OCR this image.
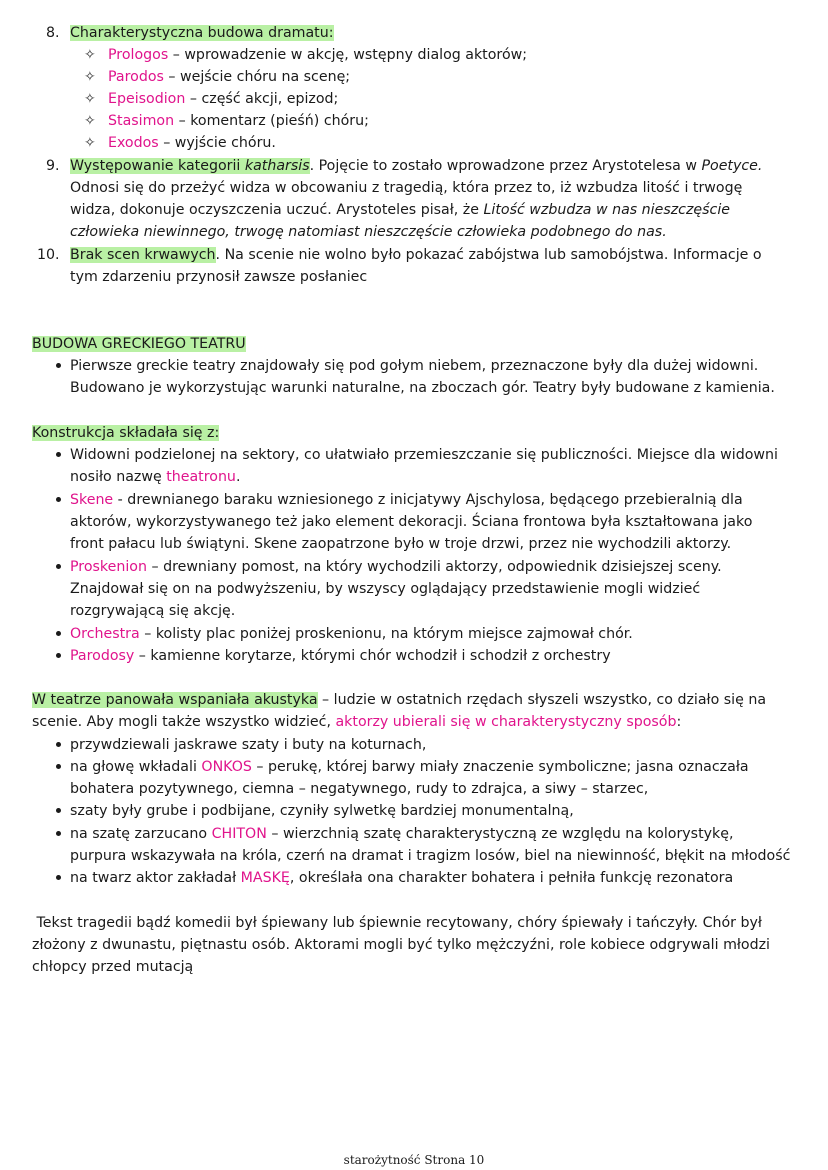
8. Charakterystyczna budowa dramatu:
✧ Prologos – wprowadzenie w akcję, wstępny dialog aktorów;
✧ Parodos – wejście chóru na scenę;
✧ Epeisodion – część akcji, epizod;
✧ Stasimon – komentarz (pieśń) chóru;
✧ Exodos – wyjście chóru.
9. Występowanie kategorii katharsis. Pojęcie to zostało wprowadzone przez Arystotelesa w Poetyce.
Odnosi się do przeżyć widza w obcowaniu z tragedią, która przez to, iż wzbudza litość i trwogę
widza, dokonuje oczyszczenia uczuć. Arystoteles pisał, że Litość wzbudza w nas nieszczęście
człowieka niewinnego, trwogę natomiast nieszczęście człowieka podobnego do nas.
10. Brak scen krwawych. Na scenie nie wolno było pokazać zabójstwa lub samobójstwa. Informacje o
tym zdarzeniu przynosił zawsze posłaniec
BUDOWA GRECKIEGO TEATRU
Pierwsze greckie teatry znajdowały się pod gołym niebem, przeznaczone były dla dużej widowni.
Budowano je wykorzystując warunki naturalne, na zboczach gór. Teatry były budowane z kamienia.
Konstrukcja składała się z:
Widowni podzielonej na sektory, co ułatwiało przemieszczanie się publiczności. Miejsce dla widowni
nosiło nazwę theatronu.
Skene - drewnianego baraku wzniesionego z inicjatywy Ajschylosa, będącego przebieralnią dla
aktorów, wykorzystywanego też jako element dekoracji. Ściana frontowa była kształtowana jako
front pałacu lub świątyni. Skene zaopatrzone było w troje drzwi, przez nie wychodzili aktorzy.
Proskenion – drewniany pomost, na który wychodzili aktorzy, odpowiednik dzisiejszej sceny.
Znajdował się on na podwyższeniu, by wszyscy oglądający przedstawienie mogli widzieć
rozgrywającą się akcję.
Orchestra – kolisty plac poniżej proskenionu, na którym miejsce zajmował chór.
Parodosy – kamienne korytarze, którymi chór wchodził i schodził z orchestry
W teatrze panowała wspaniała akustyka – ludzie w ostatnich rzędach słyszeli wszystko, co działo się na
scenie. Aby mogli także wszystko widzieć, aktorzy ubierali się w charakterystyczny sposób:
przywdziewali jaskrawe szaty i buty na koturnach,
na głowę wkładali ONKOS – perukę, której barwy miały znaczenie symboliczne; jasna oznaczała
bohatera pozytywnego, ciemna – negatywnego, rudy to zdrajca, a siwy – starzec,
szaty były grube i podbijane, czyniły sylwetkę bardziej monumentalną,
na szatę zarzucano CHITON – wierzchnią szatę charakterystyczną ze względu na kolorystykę,
purpura wskazywała na króla, czerń na dramat i tragizm losów, biel na niewinność, błękit na młodość
na twarz aktor zakładał MASKĘ, określała ona charakter bohatera i pełniła funkcję rezonatora
Tekst tragedii bądź komedii był śpiewany lub śpiewnie recytowany, chóry śpiewały i tańczyły. Chór był
złożony z dwunastu, piętnastu osób. Aktorami mogli być tylko mężczyźni, role kobiece odgrywali młodzi
chłopcy przed mutacją
starożytność Strona 10
